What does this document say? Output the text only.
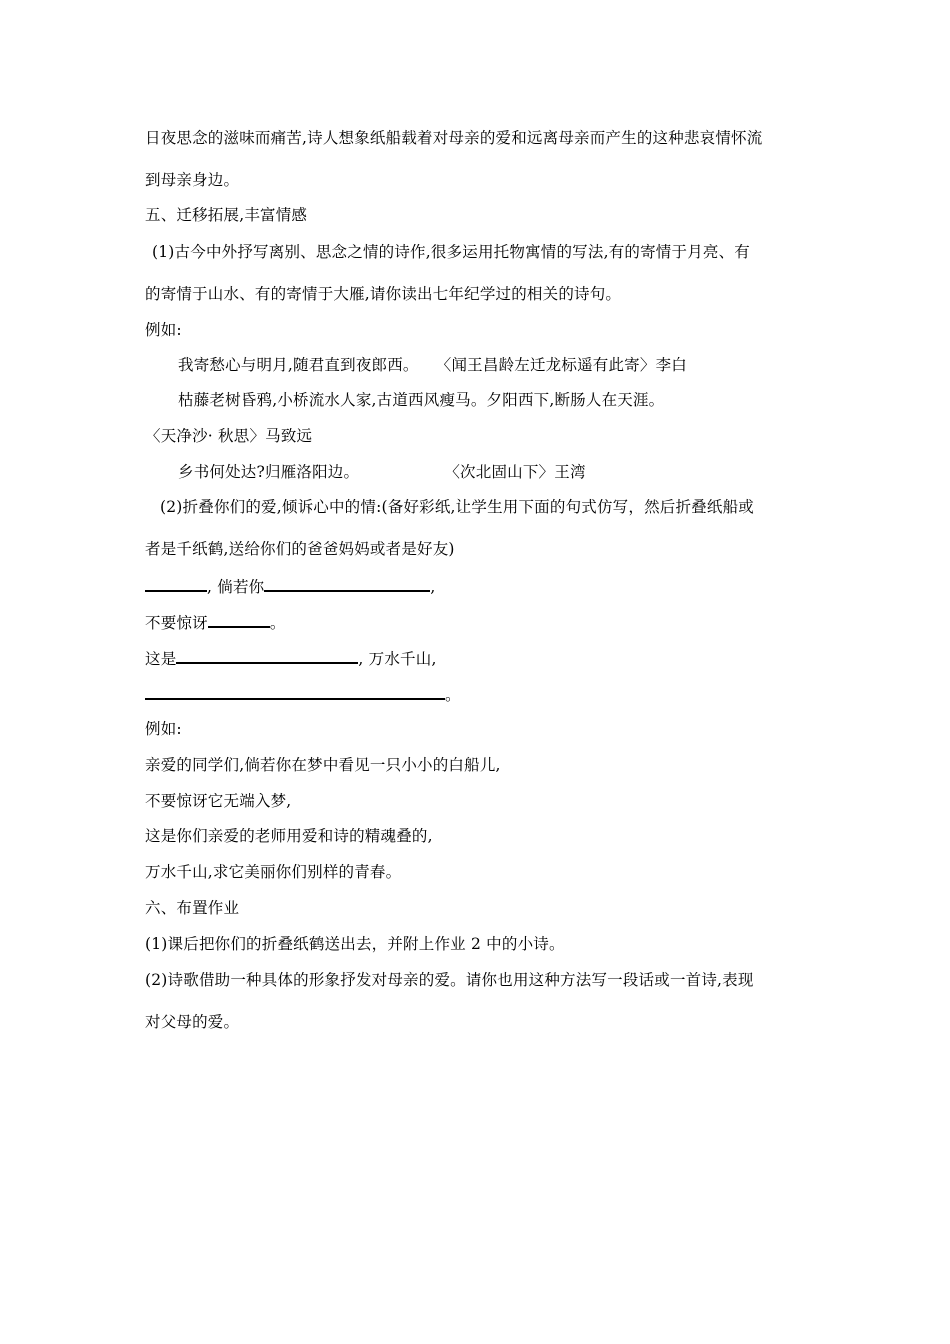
日夜思念的滋味而痛苦,诗人想象纸船载着对母亲的爱和远离母亲而产生的这种悲哀情怀流
到母亲身边。
五、迁移拓展,丰富情感
(1)古今中外抒写离别、思念之情的诗作,很多运用托物寓情的写法,有的寄情于月亮、有
的寄情于山水、有的寄情于大雁,请你读出七年纪学过的相关的诗句。
例如:
我寄愁心与明月,随君直到夜郎西。 〈闻王昌龄左迁龙标遥有此寄〉李白
枯藤老树昏鸦,小桥流水人家,古道西风瘦马。夕阳西下,断肠人在天涯。
〈天净沙· 秋思〉马致远
乡书何处达?归雁洛阳边。	〈次北固山下〉王湾
(2)折叠你们的爱,倾诉心中的情:(备好彩纸,让学生用下面的句式仿写，然后折叠纸船或
者是千纸鹤,送给你们的爸爸妈妈或者是好友)
, 倘若你	,
不要惊讶	。
这是	, 万水千山,
。
例如:
亲爱的同学们,倘若你在梦中看见一只小小的白船儿,
不要惊讶它无端入梦,
这是你们亲爱的老师用爱和诗的精魂叠的,
万水千山,求它美丽你们别样的青春。
六、布置作业
(1)课后把你们的折叠纸鹤送出去，并附上作业 2 中的小诗。
(2)诗歌借助一种具体的形象抒发对母亲的爱。请你也用这种方法写一段话或一首诗,表现
对父母的爱。
